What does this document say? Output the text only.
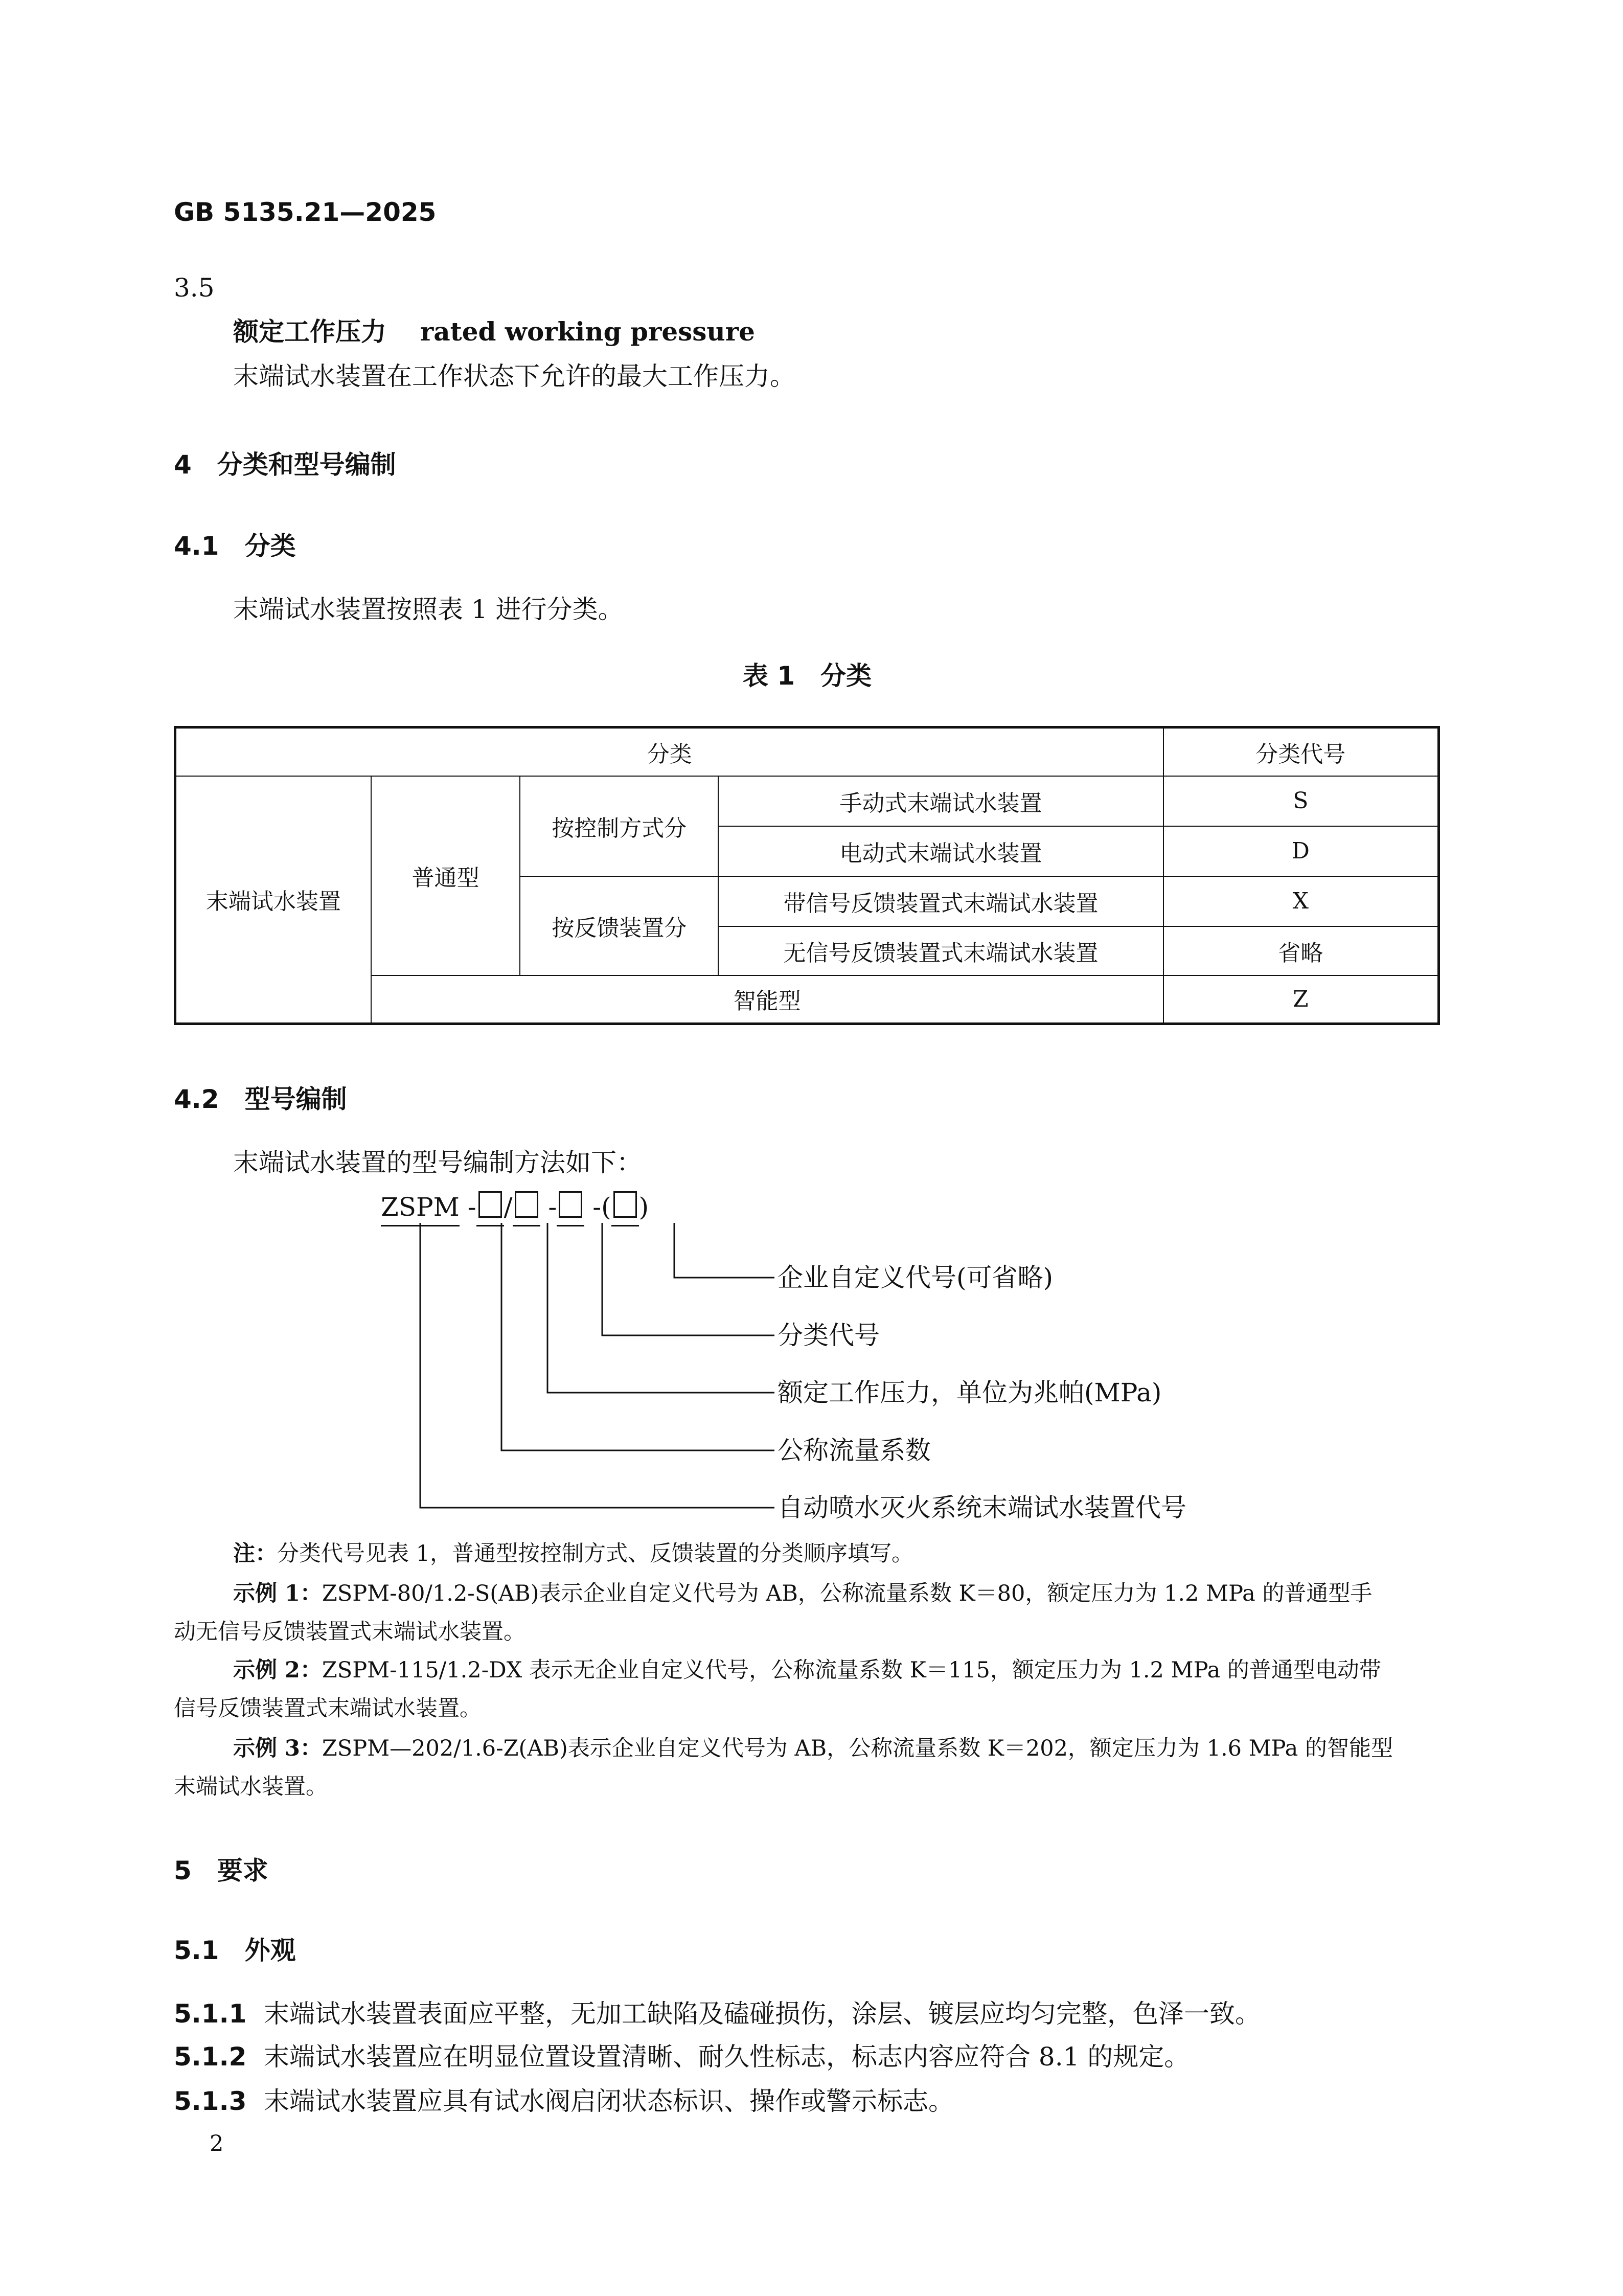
GB 5135.21—2025
3.5
额定工作压力 rated working pressure
末端试水装置在工作状态下允许的最大工作压力。
4　分类和型号编制
4.1　分类
末端试水装置按照表 1 进行分类。
表 1　分类
分类				分类代号
末端试水装置	普通型	按控制方式分	手动式末端试水装置	S
			电动式末端试水装置	D
		按反馈装置分	带信号反馈装置式末端试水装置	X
			无信号反馈装置式末端试水装置	省略
	智能型			Z
4.2　型号编制
末端试水装置的型号编制方法如下：
ZSPM - / - -( )
企业自定义代号(可省略)
分类代号
额定工作压力，单位为兆帕(MPa)
公称流量系数
自动喷水灭火系统末端试水装置代号
注：分类代号见表 1，普通型按控制方式、反馈装置的分类顺序填写。
示例 1：ZSPM-80/1.2-S(AB)表示企业自定义代号为 AB，公称流量系数 K＝80，额定压力为 1.2 MPa 的普通型手
动无信号反馈装置式末端试水装置。
示例 2：ZSPM-115/1.2-DX 表示无企业自定义代号，公称流量系数 K＝115，额定压力为 1.2 MPa 的普通型电动带
信号反馈装置式末端试水装置。
示例 3：ZSPM—202/1.6-Z(AB)表示企业自定义代号为 AB，公称流量系数 K＝202，额定压力为 1.6 MPa 的智能型
末端试水装置。
5　要求
5.1　外观
5.1.1 末端试水装置表面应平整，无加工缺陷及磕碰损伤，涂层、镀层应均匀完整，色泽一致。
5.1.2 末端试水装置应在明显位置设置清晰、耐久性标志，标志内容应符合 8.1 的规定。
5.1.3 末端试水装置应具有试水阀启闭状态标识、操作或警示标志。
2
